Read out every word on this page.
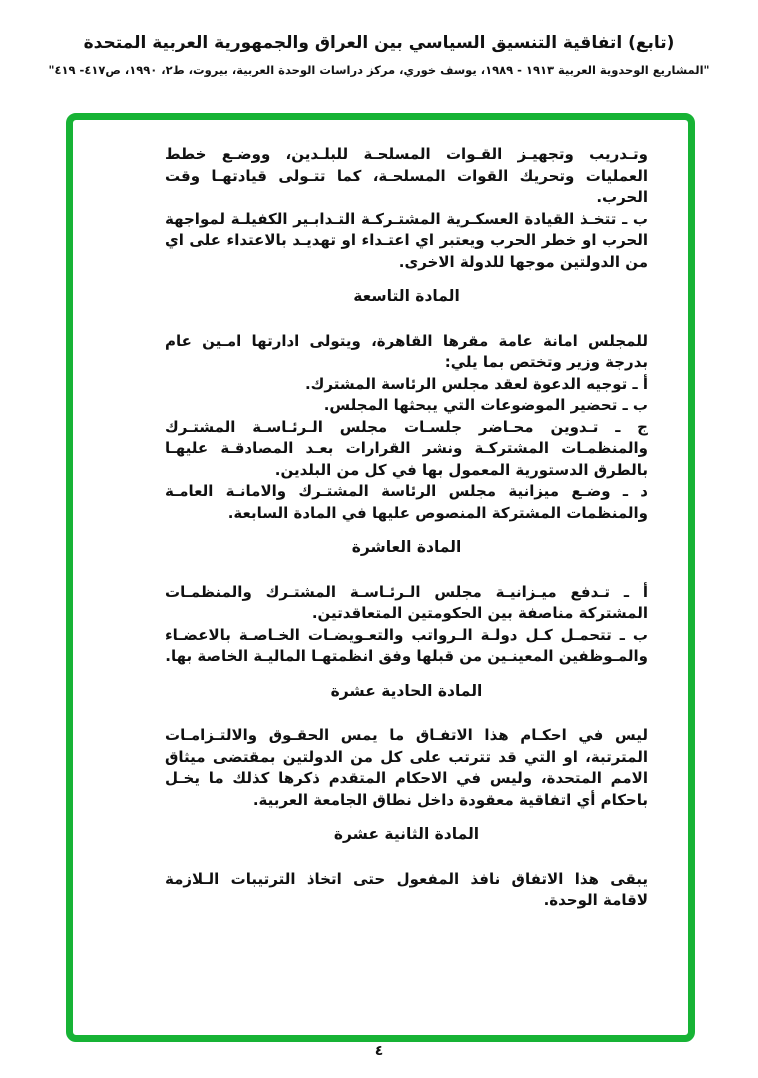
(تابع) اتفاقية التنسيق السياسي بين العراق والجمهورية العربية المتحدة
"المشاريع الوحدوية العربية ١٩١٣ - ١٩٨٩، يوسف خوري، مركز دراسات الوحدة العربية، بيروت، ط٢، ١٩٩٠، ص٤١٧- ٤١٩"

وتـدريب وتجهيـز القـوات المسلحـة للبلـدين، ووضـع خطط العمليات وتحريك القوات المسلحـة، كما تتـولى قيادتهـا وقت الحرب.

ب ـ تتخـذ القيادة العسكـرية المشتـركـة التـدابـير الكفيلـة لمواجهة الحرب او خطر الحرب ويعتبر اي اعتـداء او تهديـد بالاعتداء على اي من الدولتين موجها للدولة الاخرى.

المادة التاسعة

للمجلس امانة عامة مقرها القاهرة، ويتولى ادارتها امـين عام بدرجة وزير وتختص بما يلي:

أ ـ توجيه الدعوة لعقد مجلس الرئاسة المشترك.

ب ـ تحضير الموضوعات التي يبحثها المجلس.

ج ـ تـدوين محـاضر جلسـات مجلس الـرئـاسـة المشتـرك والمنظمـات المشتركـة ونشر القرارات بعـد المصادقـة عليهـا بالطرق الدستورية المعمول بها في كل من البلدين.

د ـ وضـع ميزانية مجلس الرئاسة المشتـرك والامانـة العامـة والمنظمات المشتركة المنصوص عليها في المادة السابعة.

المادة العاشرة

أ ـ تـدفع ميـزانيـة مجلس الـرئـاسـة المشتـرك والمنظمـات المشتركة مناصفة بين الحكومتين المتعاقدتين.

ب ـ تتحمـل كـل دولـة الـرواتب والتعـويضـات الخـاصـة بالاعضـاء والمـوظفين المعينـين من قبلها وفق انظمتهـا الماليـة الخاصة بها.

المادة الحادية عشرة

ليس في احكـام هذا الاتفـاق ما يمس الحقـوق والالتـزامـات المترتبة، او التي قد تترتب على كل من الدولتين بمقتضى ميثاق الامم المتحدة، وليس في الاحكام المتقدم ذكرها كذلك ما يخـل باحكام أي اتفاقية معقودة داخل نطاق الجامعة العربية.

المادة الثانية عشرة

يبقى هذا الاتفاق نافذ المفعول حتى اتخاذ الترتيبات الـلازمة لاقامة الوحدة.

٤
